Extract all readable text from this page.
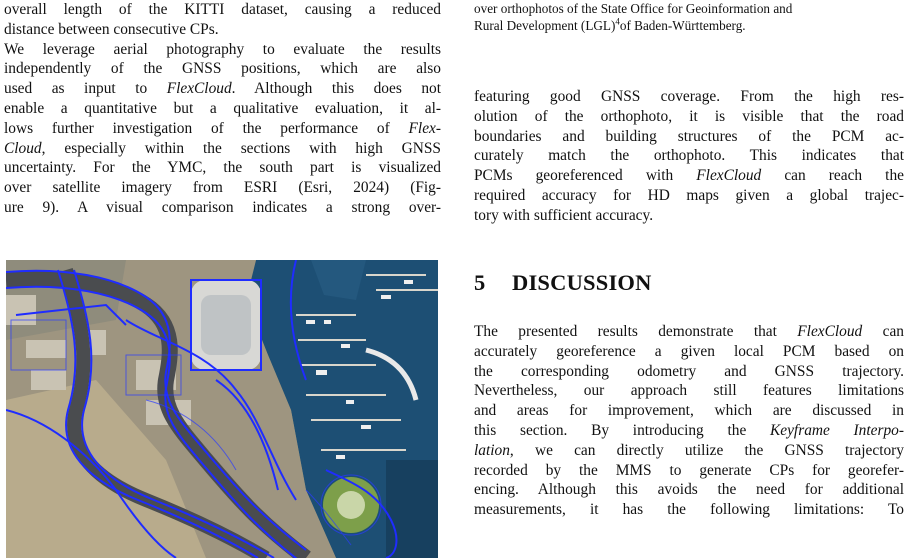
overall length of the KITTI dataset, causing a reduced
distance between consecutive CPs.
We leverage aerial photography to evaluate the results
independently of the GNSS positions, which are also
used as input to FlexCloud. Although this does not
enable a quantitative but a qualitative evaluation, it al-
lows further investigation of the performance of Flex-
Cloud, especially within the sections with high GNSS
uncertainty. For the YMC, the south part is visualized
over satellite imagery from ESRI (Esri, 2024) (Fig-
ure 9). A visual comparison indicates a strong over-
over orthophotos of the State Office for Geoinformation and
Rural Development (LGL)$^4$of Baden-Württemberg.
featuring good GNSS coverage. From the high res-
olution of the orthophoto, it is visible that the road
boundaries and building structures of the PCM ac-
curately match the orthophoto. This indicates that
PCMs georeferenced with FlexCloud can reach the
required accuracy for HD maps given a global trajec-
tory with sufficient accuracy.
5 DISCUSSION
The presented results demonstrate that FlexCloud can
accurately georeference a given local PCM based on
the corresponding odometry and GNSS trajectory.
Nevertheless, our approach still features limitations
and areas for improvement, which are discussed in
this section. By introducing the Keyframe Interpo-
lation, we can directly utilize the GNSS trajectory
recorded by the MMS to generate CPs for georefer-
encing. Although this avoids the need for additional
measurements, it has the following limitations: To
